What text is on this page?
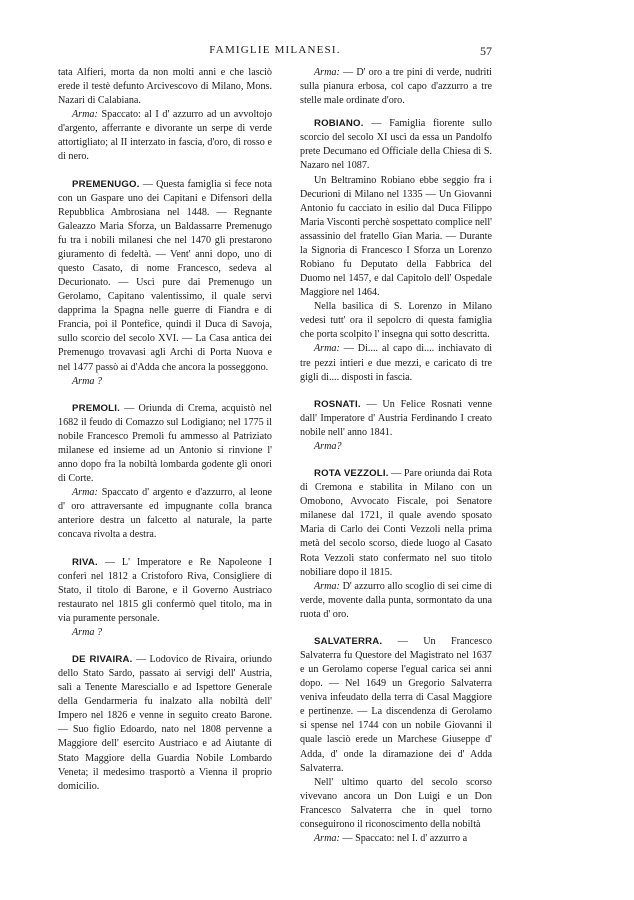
FAMIGLIE MILANESI.	57

tata Alfieri, morta da non molti anni e che lasciò erede il testè defunto Arcivescovo di Milano, Mons. Nazari di Calabiana.

Arma: Spaccato: al I d' azzurro ad un avvoltojo d'argento, afferrante e divorante un serpe di verde attortigliato; al II interzato in fascia, d'oro, di rosso e di nero.

PREMENUGO. — Questa famiglia si fece nota con un Gaspare uno dei Capitani e Difensori della Repubblica Ambrosiana nel 1448. — Regnante Galeazzo Maria Sforza, un Baldassarre Premenugo fu tra i nobili milanesi che nel 1470 gli prestarono giuramento di fedeltà. — Vent' anni dopo, uno di questo Casato, di nome Francesco, sedeva al Decurionato. — Uscì pure dai Premenugo un Gerolamo, Capitano valentissimo, il quale servì dapprima la Spagna nelle guerre di Fiandra e di Francia, poi il Pontefice, quindi il Duca di Savoja, sullo scorcio del secolo XVI. — La Casa antica dei Premenugo trovavasi agli Archi di Porta Nuova e nel 1477 passò ai d'Adda che ancora la posseggono.

Arma ?

PREMOLI. — Oriunda di Crema, acquistò nel 1682 il feudo di Comazzo sul Lodigiano; nel 1775 il nobile Francesco Premoli fu ammesso al Patriziato milanese ed insieme ad un Antonio si rinvione l' anno dopo fra la nobiltà lombarda godente gli onori di Corte.

Arma: Spaccato d' argento e d'azzurro, al leone d' oro attraversante ed impugnante colla branca anteriore destra un falcetto al naturale, la parte concava rivolta a destra.

RIVA. — L' Imperatore e Re Napoleone I conferì nel 1812 a Cristoforo Riva, Consigliere di Stato, il titolo di Barone, e il Governo Austriaco restaurato nel 1815 gli confermò quel titolo, ma in via puramente personale.

Arma ?

DE RIVAIRA. — Lodovico de Rivaira, oriundo dello Stato Sardo, passato ai servigi dell' Austria, salì a Tenente Maresciallo e ad Ispettore Generale della Gendarmeria fu inalzato alla nobiltà dell' Impero nel 1826 e venne in seguito creato Barone. — Suo figlio Edoardo, nato nel 1808 pervenne a Maggiore dell' esercito Austriaco e ad Aiutante di Stato Maggiore della Guardia Nobile Lombardo Veneta; il medesimo trasportò a Vienna il proprio domicilio.

Arma: — D' oro a tre pini di verde, nudriti sulla pianura erbosa, col capo d'azzurro a tre stelle male ordinate d'oro.

ROBIANO. — Famiglia fiorente sullo scorcio del secolo XI uscì da essa un Pandolfo prete Decumano ed Officiale della Chiesa di S. Nazaro nel 1087.

Un Beltramino Robiano ebbe seggio fra i Decurioni di Milano nel 1335 — Un Giovanni Antonio fu cacciato in esilio dal Duca Filippo Maria Visconti perchè sospettato complice nell' assassinio del fratello Gian Maria. — Durante la Signoria di Francesco I Sforza un Lorenzo Robiano fu Deputato della Fabbrica del Duomo nel 1457, e dal Capitolo dell' Ospedale Maggiore nel 1464.

Nella basilica di S. Lorenzo in Milano vedesi tutt' ora il sepolcro di questa famiglia che porta scolpito l' insegna qui sotto descritta.

Arma: — Di.... al capo di.... inchiavato di tre pezzi intieri e due mezzi, e caricato di tre gigli di.... disposti in fascia.

ROSNATI. — Un Felice Rosnati venne dall' Imperatore d' Austria Ferdinando I creato nobile nell' anno 1841.

Arma?

ROTA VEZZOLI. — Pare oriunda dai Rota di Cremona e stabilita in Milano con un Omobono, Avvocato Fiscale, poi Senatore milanese dal 1721, il quale avendo sposato Maria di Carlo dei Conti Vezzoli nella prima metà del secolo scorso, diede luogo al Casato Rota Vezzoli stato confermato nel suo titolo nobiliare dopo il 1815.

Arma: D' azzurro allo scoglio di sei cime di verde, movente dalla punta, sormontato da una ruota d' oro.

SALVATERRA. — Un Francesco Salvaterra fu Questore del Magistrato nel 1637 e un Gerolamo coperse l'egual carica sei anni dopo. — Nel 1649 un Gregorio Salvaterra veniva infeudato della terra di Casal Maggiore e pertinenze. — La discendenza di Gerolamo si spense nel 1744 con un nobile Giovanni il quale lasciò erede un Marchese Giuseppe d' Adda, d' onde la diramazione dei d' Adda Salvaterra.

Nell' ultimo quarto del secolo scorso vivevano ancora un Don Luigi e un Don Francesco Salvaterra che in quel torno conseguirono il riconoscimento della nobiltà

Arma: — Spaccato: nel I. d' azzurro a
